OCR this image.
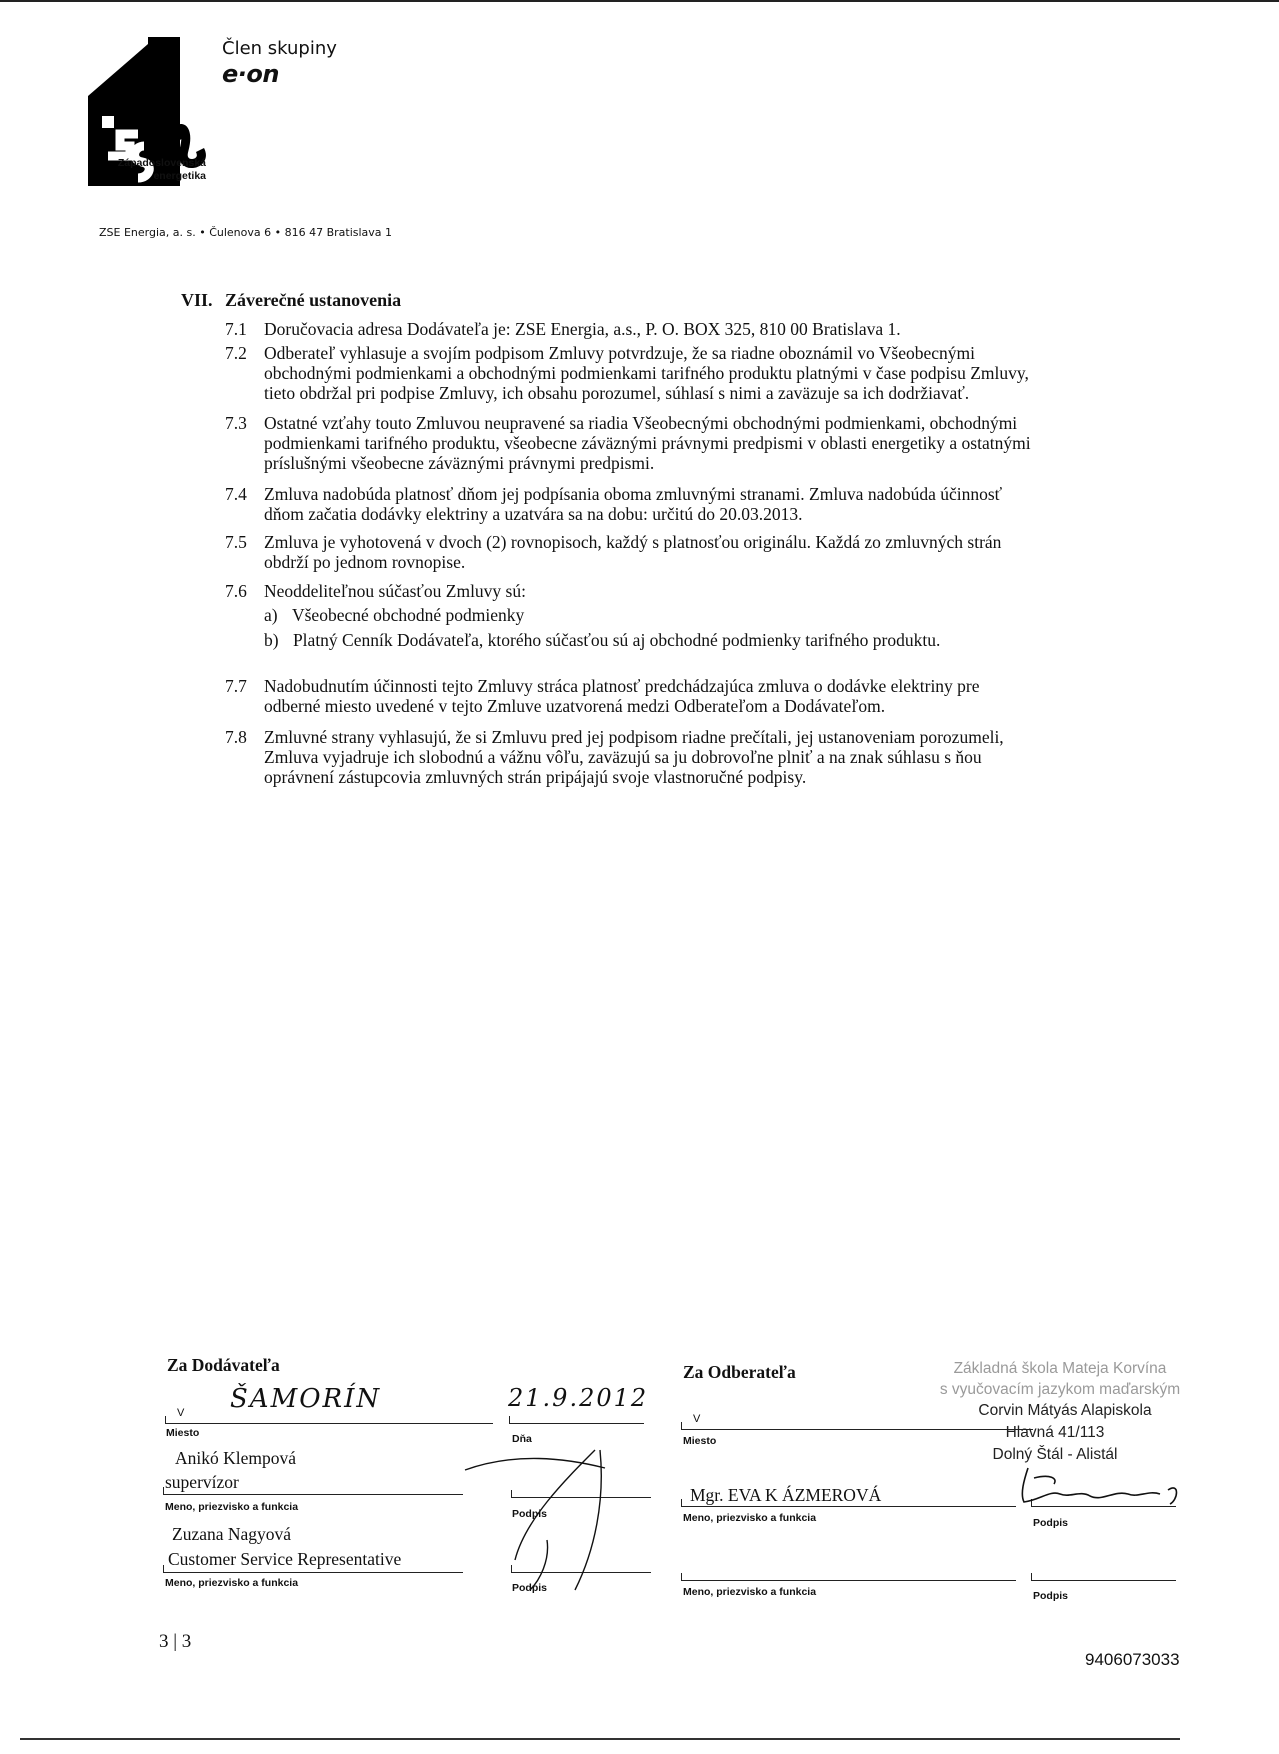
Západoslovenská
energetika
Člen skupiny
e·on
ZSE Energia, a. s. • Čulenova 6 • 816 47 Bratislava 1
VII. Záverečné ustanovenia
7.1 Doručovacia adresa Dodávateľa je: ZSE Energia, a.s., P. O. BOX 325, 810 00 Bratislava 1.
7.2 Odberateľ vyhlasuje a svojím podpisom Zmluvy potvrdzuje, že sa riadne oboznámil vo Všeobecnými
obchodnými podmienkami a obchodnými podmienkami tarifného produktu platnými v čase podpisu Zmluvy,
tieto obdržal pri podpise Zmluvy, ich obsahu porozumel, súhlasí s nimi a zaväzuje sa ich dodržiavať.
7.3 Ostatné vzťahy touto Zmluvou neupravené sa riadia Všeobecnými obchodnými podmienkami, obchodnými
podmienkami tarifného produktu, všeobecne záväznými právnymi predpismi v oblasti energetiky a ostatnými
príslušnými všeobecne záväznými právnymi predpismi.
7.4 Zmluva nadobúda platnosť dňom jej podpísania oboma zmluvnými stranami. Zmluva nadobúda účinnosť
dňom začatia dodávky elektriny a uzatvára sa na dobu: určitú do 20.03.2013.
7.5 Zmluva je vyhotovená v dvoch (2) rovnopisoch, každý s platnosťou originálu. Každá zo zmluvných strán
obdrží po jednom rovnopise.
7.6 Neoddeliteľnou súčasťou Zmluvy sú:
a) Všeobecné obchodné podmienky
b) Platný Cenník Dodávateľa, ktorého súčasťou sú aj obchodné podmienky tarifného produktu.
7.7 Nadobudnutím účinnosti tejto Zmluvy stráca platnosť predchádzajúca zmluva o dodávke elektriny pre
odberné miesto uvedené v tejto Zmluve uzatvorená medzi Odberateľom a Dodávateľom.
7.8 Zmluvné strany vyhlasujú, že si Zmluvu pred jej podpisom riadne prečítali, jej ustanoveniam porozumeli,
Zmluva vyjadruje ich slobodnú a vážnu vôľu, zaväzujú sa ju dobrovoľne plniť a na znak súhlasu s ňou
oprávnení zástupcovia zmluvných strán pripájajú svoje vlastnoručné podpisy.
Za Dodávateľa
ŠAMORÍN	21.9.2012
V
Miesto	Dňa
Anikó Klempová
supervízor
Meno, priezvisko a funkcia
Podpis
Zuzana Nagyová
Customer Service Representative
Meno, priezvisko a funkcia	Podpis
Za Odberateľa
V
Miesto
Mgr. EVA K ÁZMEROVÁ
Meno, priezvisko a funkcia	Podpis
Meno, priezvisko a funkcia	Podpis
Základná škola Mateja Korvína
s vyučovacím jazykom maďarským
Corvin Mátyás Alapiskola
Hlavná 41/113
Dolný Štál - Alistál
3 | 3
9406073033
